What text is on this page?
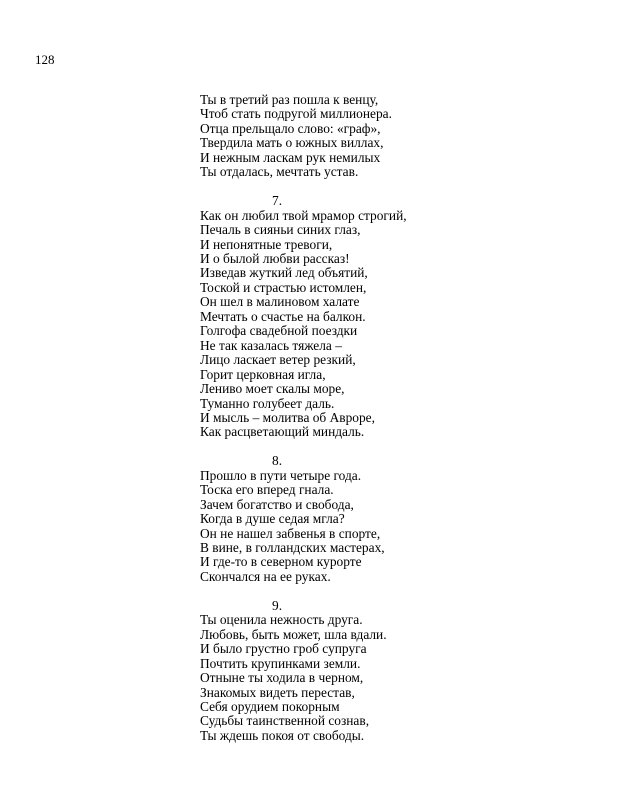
128
Ты в третий раз пошла к венцу,
Чтоб стать подругой миллионера.
Отца прельщало слово: «граф»,
Твердила мать о южных виллах,
И нежным ласкам рук немилых
Ты отдалась, мечтать устав.
7.
Как он любил твой мрамор строгий,
Печаль в сияньи синих глаз,
И непонятные тревоги,
И о былой любви рассказ!
Изведав жуткий лед объятий,
Тоской и страстью истомлен,
Он шел в малиновом халате
Мечтать о счастье на балкон.
Голгофа свадебной поездки
Не так казалась тяжела –
Лицо ласкает ветер резкий,
Горит церковная игла,
Лениво моет скалы море,
Туманно голубеет даль.
И мысль – молитва об Авроре,
Как расцветающий миндаль.
8.
Прошло в пути четыре года.
Тоска его вперед гнала.
Зачем богатство и свобода,
Когда в душе седая мгла?
Он не нашел забвенья в спорте,
В вине, в голландских мастерах,
И где-то в северном курорте
Скончался на ее руках.
9.
Ты оценила нежность друга.
Любовь, быть может, шла вдали.
И было грустно гроб супруга
Почтить крупинками земли.
Отныне ты ходила в черном,
Знакомых видеть перестав,
Себя орудием покорным
Судьбы таинственной сознав,
Ты ждешь покоя от свободы.
